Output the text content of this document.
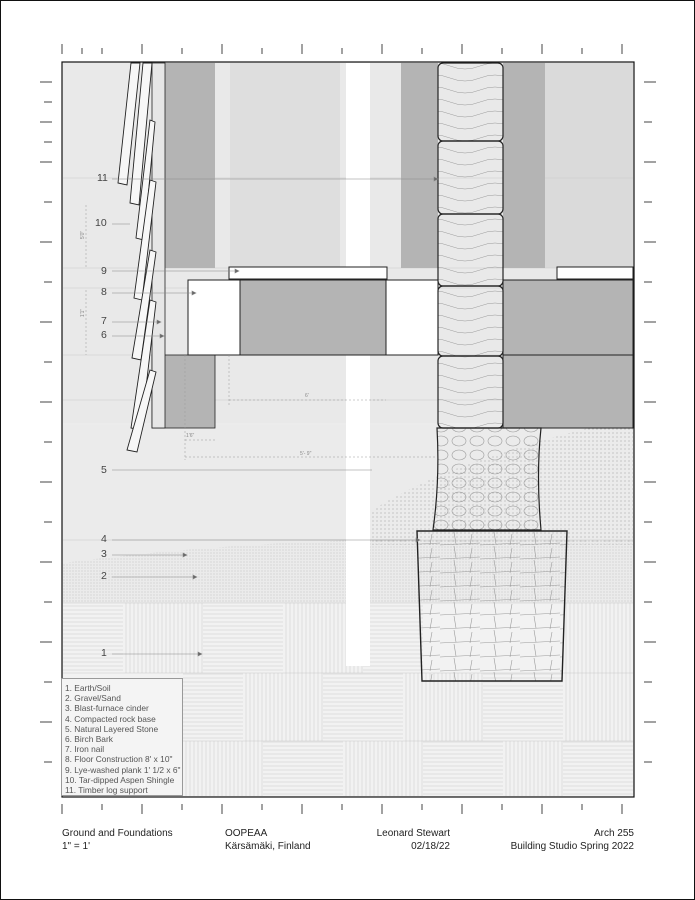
5'0"
1'1"
6'
1'6"
5'- 9"
1
2
3
4
5
6
7
8
9
10
11
1. Earth/Soil
2. Gravel/Sand
3. Blast-furnace cinder
4. Compacted rock base
5. Natural Layered Stone
6. Birch Bark
7. Iron nail
8. Floor Construction 8' x 10"
9. Lye-washed plank 1' 1/2 x 6"
10. Tar-dipped Aspen Shingle
11. Timber log support
Ground and Foundations
1" = 1'
OOPEAA
Kärsämäki, Finland
Leonard Stewart
02/18/22
Arch 255
Building Studio Spring 2022
